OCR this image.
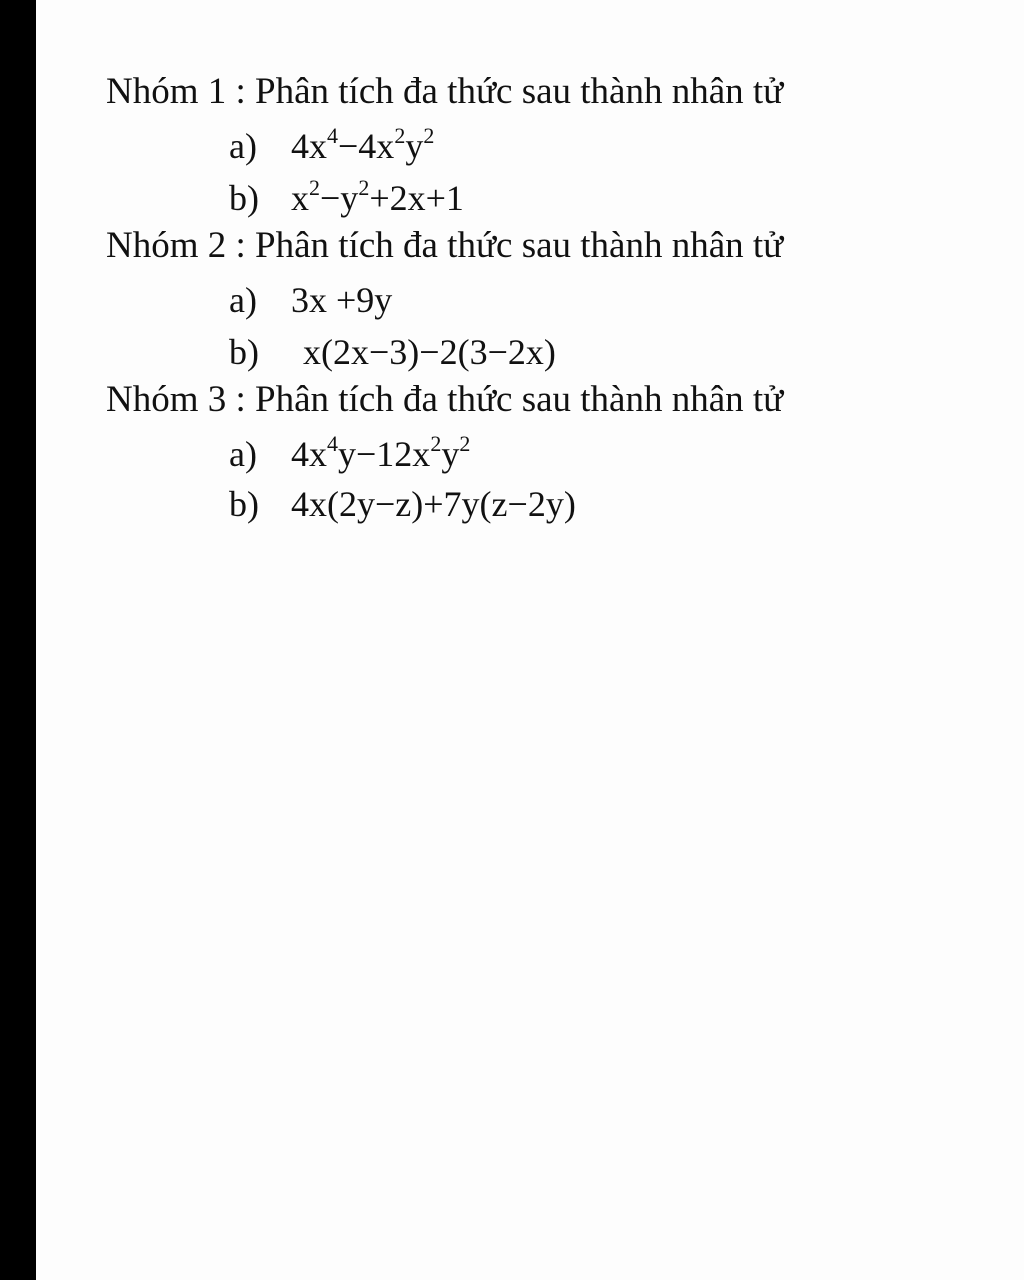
Nhóm 1 : Phân tích đa thức sau thành nhân tử
a) $4x^4-4x^2y^2$
b) $x^2-y^2+2x+1$
Nhóm 2 : Phân tích đa thức sau thành nhân tử
a) 3x +9y
b) x(2x−3)−2(3−2x)
Nhóm 3 : Phân tích đa thức sau thành nhân tử
a) $4x^4y-12x^2y^2$
b) 4x(2y−z)+7y(z−2y)
